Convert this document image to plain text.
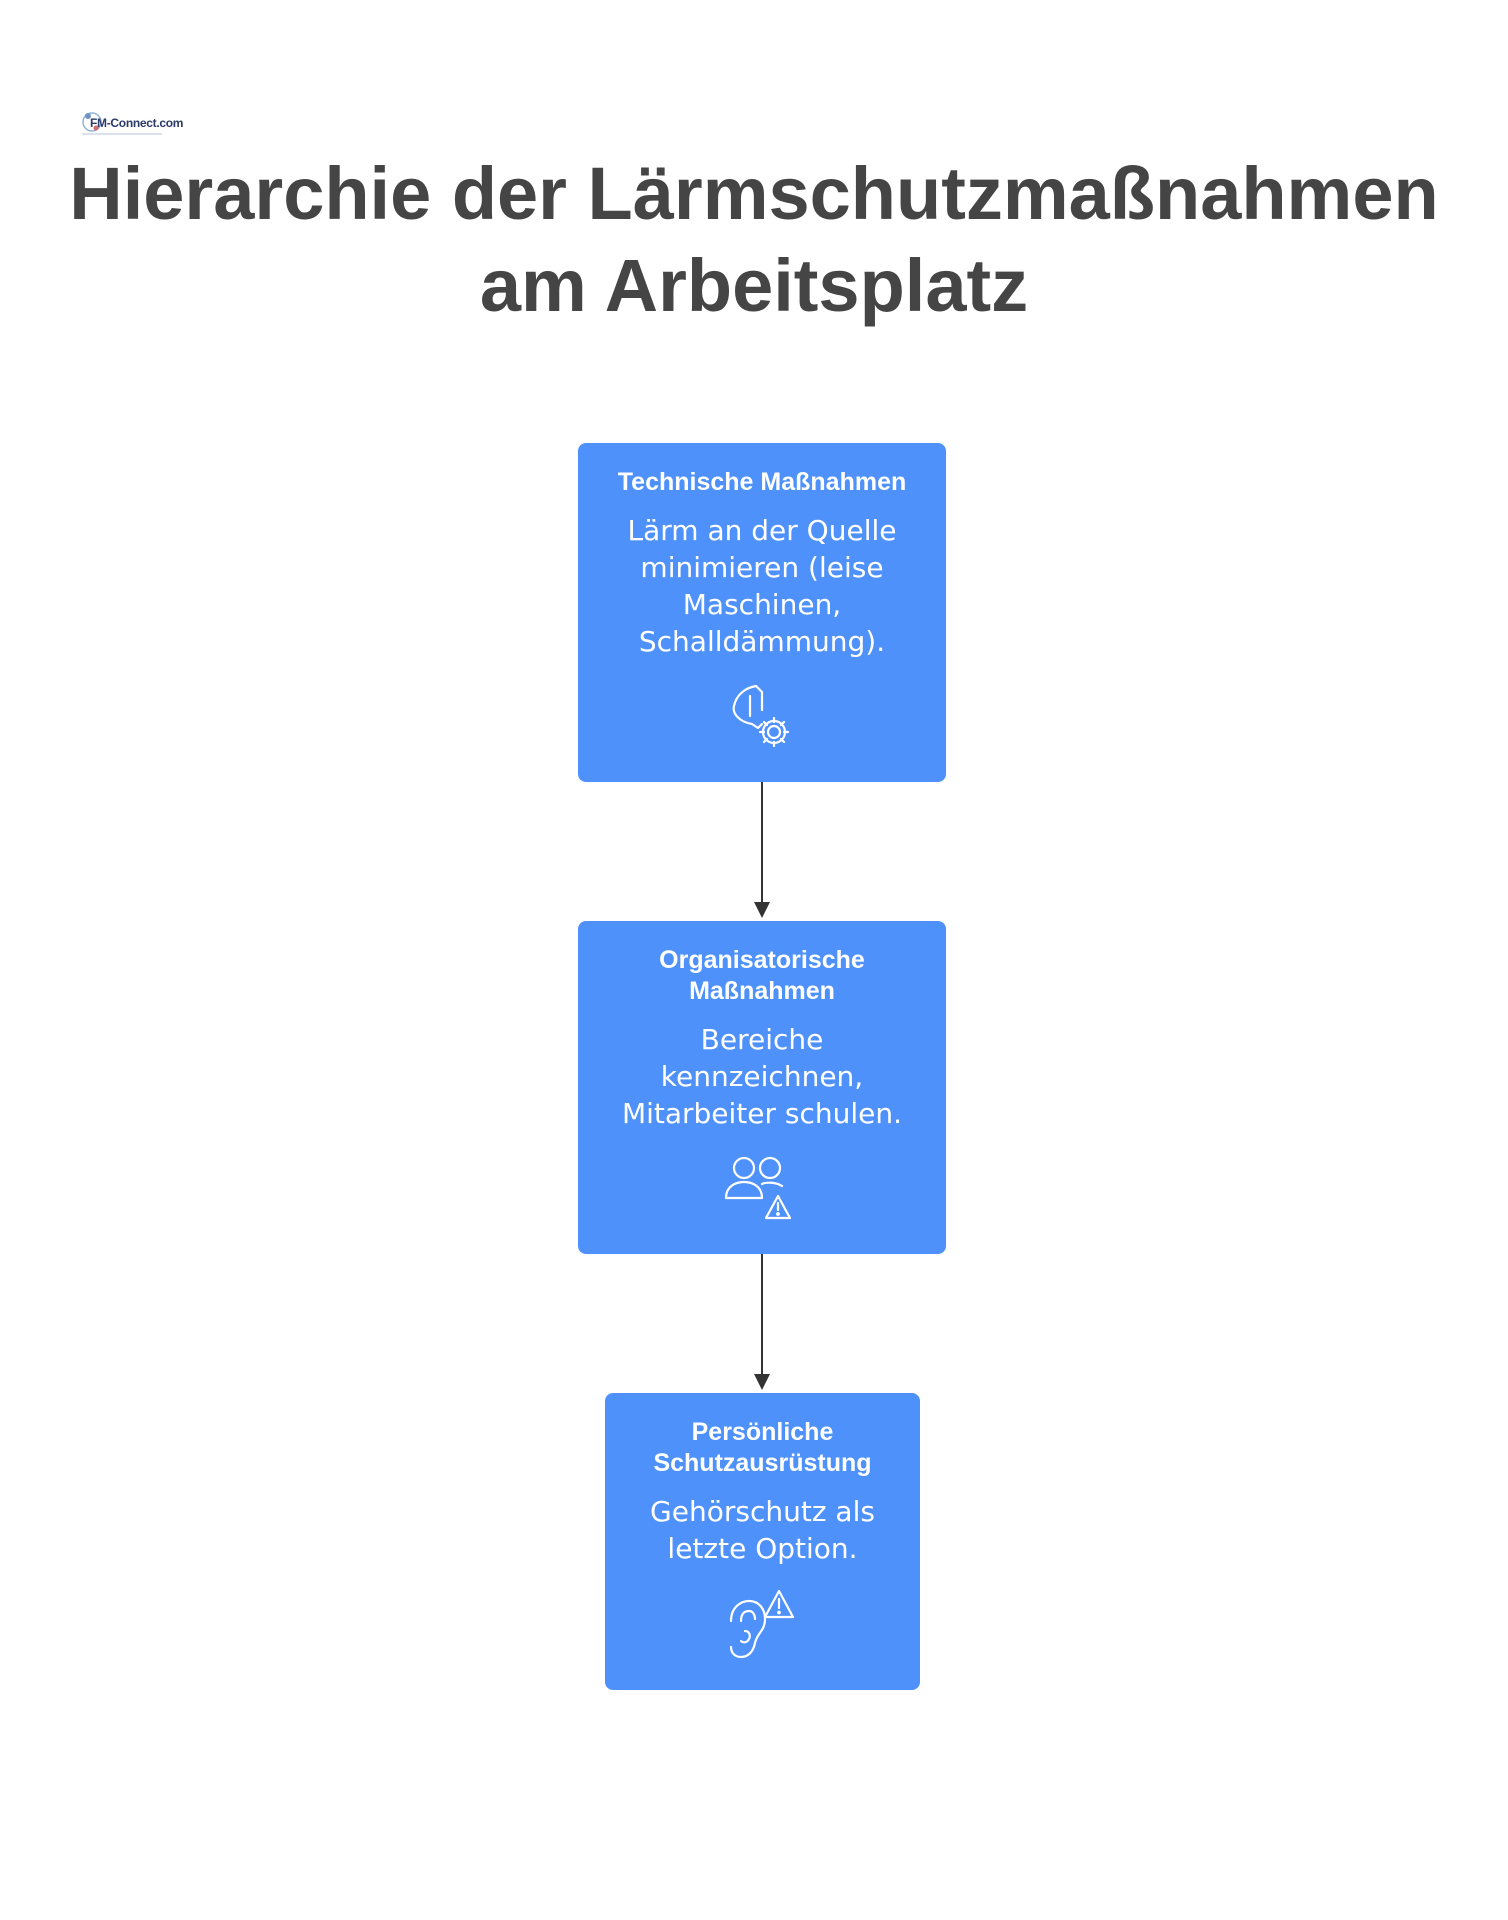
FM-Connect.com
Hierarchie der Lärmschutzmaßnahmen
am Arbeitsplatz
Technische Maßnahmen
Lärm an der Quelle minimieren (leise Maschinen, Schalldämmung).
Organisatorische Maßnahmen
Bereiche kennzeichnen, Mitarbeiter schulen.
Persönliche Schutzausrüstung
Gehörschutz als letzte Option.
